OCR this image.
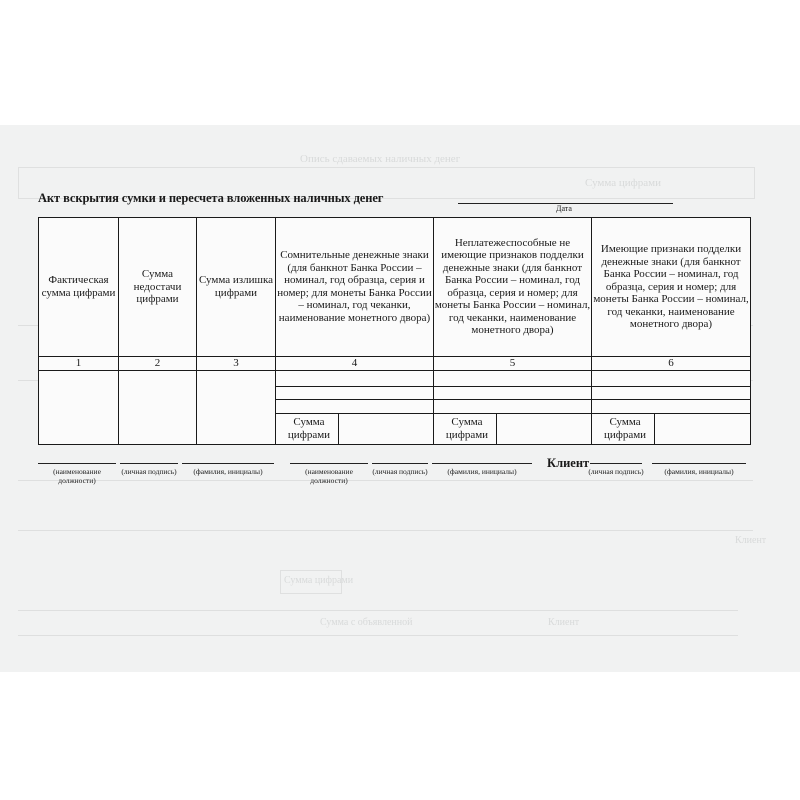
Опись сдаваемых наличных денег
Сумма цифрами
Сумма цифрами
Клиент
Клиент
Сумма с объявленной
Акт вскрытия сумки и пересчета вложенных наличных денег
Дата
Фактическая сумма цифрами	Сумма недостачи цифрами	Сумма излишка цифрами	Сомнительные денежные знаки (для банкнот Банка России – номинал, год образца, серия и номер; для монеты Банка России – номинал, год чеканки, наименование монетного двора)		Неплатежеспособные не имеющие признаков подделки денежные знаки (для банкнот Банка России – номинал, год образца, серия и номер; для монеты Банка России – номинал, год чеканки, наименование монетного двора)		Имеющие признаки подделки денежные знаки (для банкнот Банка России – номинал, год образца, серия и номер; для монеты Банка России – номинал, год чеканки, наименование монетного двора)	
1	2	3	4		5		6	

			Сумма цифрами		Сумма цифрами		Сумма цифрами	
Клиент
(наименование должности)
(личная подпись)	(фамилия, инициалы)	(наименование должности)
(личная подпись)	(фамилия, инициалы)	(личная подпись)	(фамилия, инициалы)
